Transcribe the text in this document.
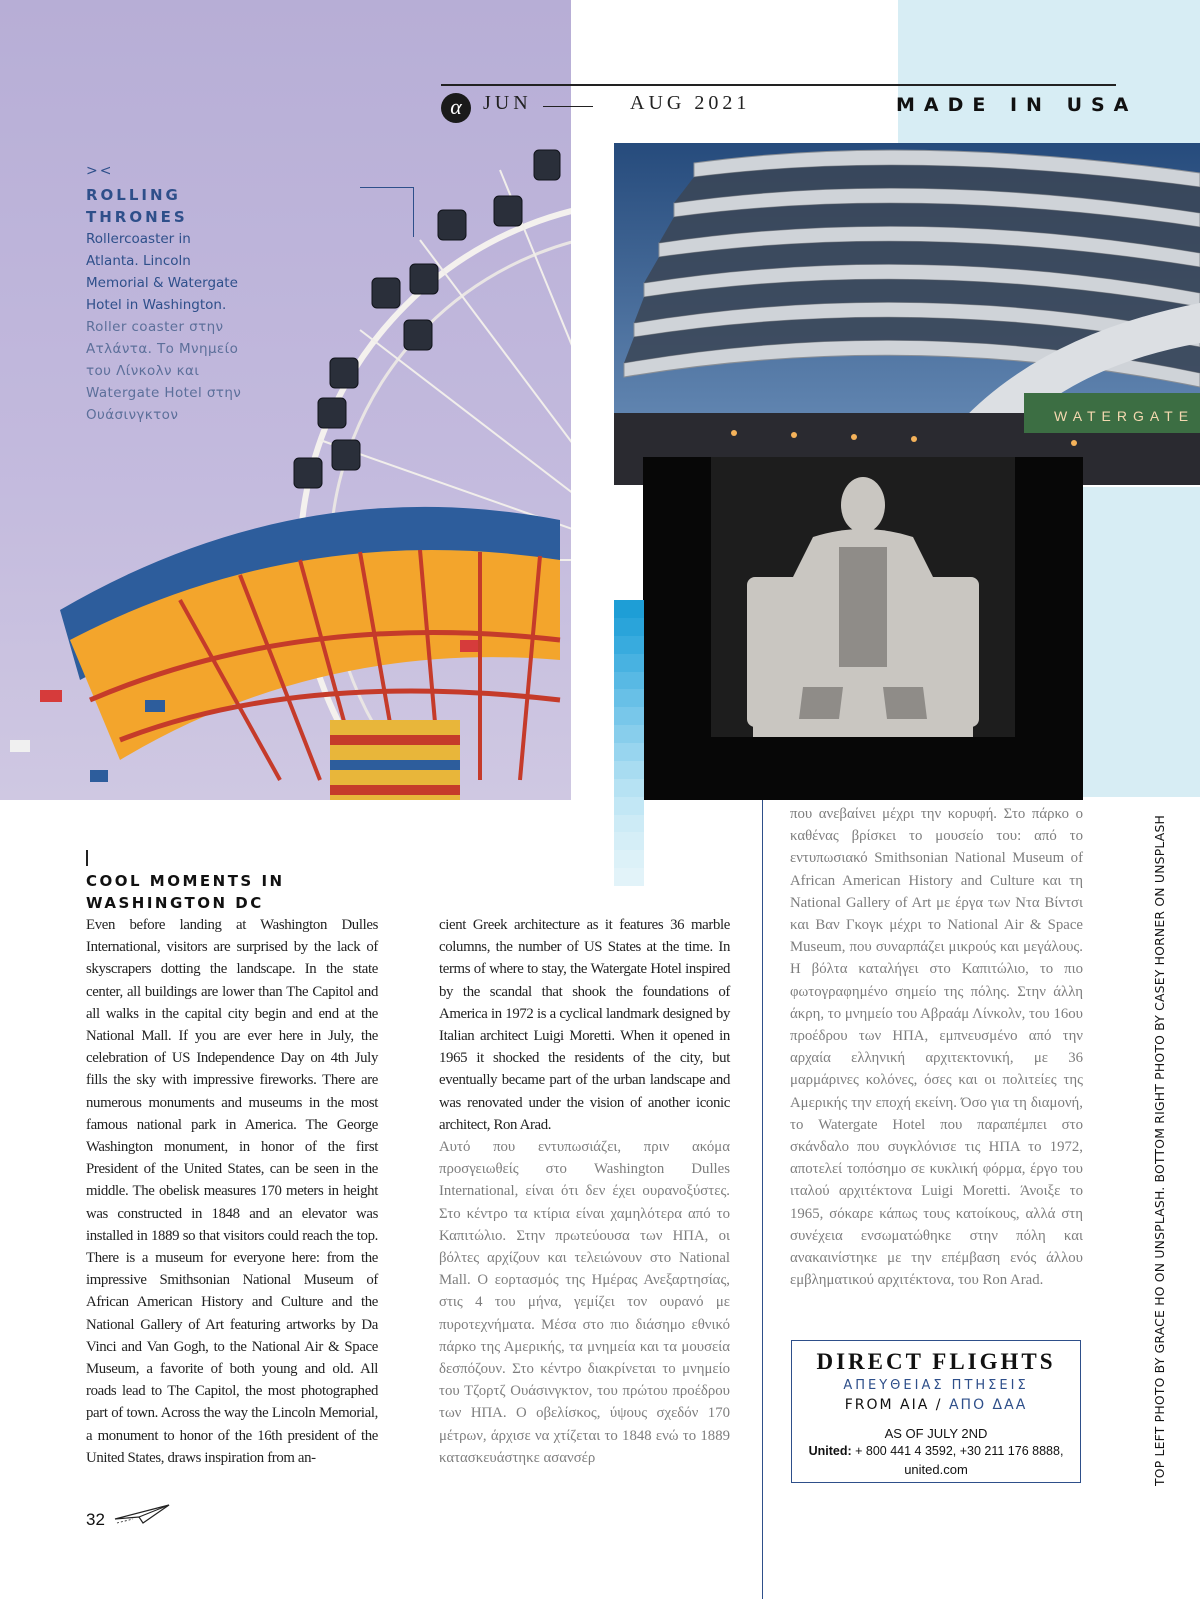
α	JUN	AUG 2021	MADE IN USA
><
ROLLING THRONES
Rollercoaster in Atlanta. Lincoln Memorial & Watergate Hotel in Washington.
Roller coaster στην Ατλάντα. Το Μνημείο του Λίνκολν και Watergate Hotel στην Ουάσινγκτον	WATERGATE
COOL MOMENTS IN WASHINGTON DC
Even before landing at Washington Dulles International, visitors are surprised by the lack of skyscrapers dotting the landscape. In the state center, all buildings are lower than The Capitol and all walks in the capital city begin and end at the National Mall. If you are ever here in July, the celebration of US Independence Day on 4th July fills the sky with impressive fireworks. There are numerous monuments and museums in the most famous national park in America. The George Washington monument, in honor of the first President of the United States, can be seen in the middle. The obelisk measures 170 meters in height was constructed in 1848 and an elevator was installed in 1889 so that visitors could reach the top. There is a museum for everyone here: from the impressive Smithsonian National Museum of African American History and Culture and the National Gallery of Art featuring artworks by Da Vinci and Van Gogh, to the National Air & Space Museum, a favorite of both young and old. All roads lead to The Capitol, the most photographed part of town. Across the way the Lincoln Memorial, a monument to honor of the 16th president of the United States, draws inspiration from an-
cient Greek architecture as it features 36 marble columns, the number of US States at the time. In terms of where to stay, the Watergate Hotel inspired by the scandal that shook the foundations of America in 1972 is a cyclical landmark designed by Italian architect Luigi Moretti. When it opened in 1965 it shocked the residents of the city, but eventually became part of the urban landscape and was renovated under the vision of another iconic architect, Ron Arad.
Αυτό που εντυπωσιάζει, πριν ακόμα προσγειωθείς στο Washington Dulles International, είναι ότι δεν έχει ουρανοξύστες. Στο κέντρο τα κτίρια είναι χαμηλότερα από το Καπιτώλιο. Στην πρωτεύουσα των ΗΠΑ, οι βόλτες αρχίζουν και τελειώνουν στο National Mall. Ο εορτασμός της Ημέρας Ανεξαρτησίας, στις 4 του μήνα, γεμίζει τον ουρανό με πυροτεχνήματα. Μέσα στο πιο διάσημο εθνικό πάρκο της Αμερικής, τα μνημεία και τα μουσεία δεσπόζουν. Στο κέντρο διακρίνεται το μνημείο του Τζορτζ Ουάσινγκτον, του πρώτου προέδρου των ΗΠΑ. Ο οβελίσκος, ύψους σχεδόν 170 μέτρων, άρχισε να χτίζεται το 1848 ενώ το 1889 κατασκευάστηκε ασανσέρ
που ανεβαίνει μέχρι την κορυφή. Στο πάρκο ο καθένας βρίσκει το μουσείο του: από το εντυπωσιακό Smithsonian National Museum of African American History and Culture και τη National Gallery of Art με έργα των Ντα Βίντσι και Βαν Γκογκ μέχρι το National Air & Space Museum, που συναρπάζει μικρούς και μεγάλους. Η βόλτα καταλήγει στο Καπιτώλιο, το πιο φωτογραφημένο σημείο της πόλης. Στην άλλη άκρη, το μνημείο του Αβραάμ Λίνκολν, του 16ου προέδρου των ΗΠΑ, εμπνευσμένο από την αρχαία ελληνική αρχιτεκτονική, με 36 μαρμάρινες κολόνες, όσες και οι πολιτείες της Αμερικής την εποχή εκείνη. Όσο για τη διαμονή, το Watergate Hotel που παραπέμπει στο σκάνδαλο που συγκλόνισε τις ΗΠΑ το 1972, αποτελεί τοπόσημο σε κυκλική φόρμα, έργο του ιταλού αρχιτέκτονα Luigi Moretti. Άνοιξε το 1965, σόκαρε κάπως τους κατοίκους, αλλά στη συνέχεια ενσωματώθηκε στην πόλη και ανακαινίστηκε με την επέμβαση ενός άλλου εμβληματικού αρχιτέκτονα, του Ron Arad.
DIRECT FLIGHTS
ΑΠΕΥΘΕΙΑΣ ΠΤΗΣΕΙΣ
FROM AIA / ΑΠΟ ΔΑΑ
AS OF JULY 2ND
United: + 800 441 4 3592, +30 211 176 8888,
united.com	TOP LEFT PHOTO BY GRACE HO ON UNSPLASH. BOTTOM RIGHT PHOTO BY CASEY HORNER ON UNSPLASH
32
